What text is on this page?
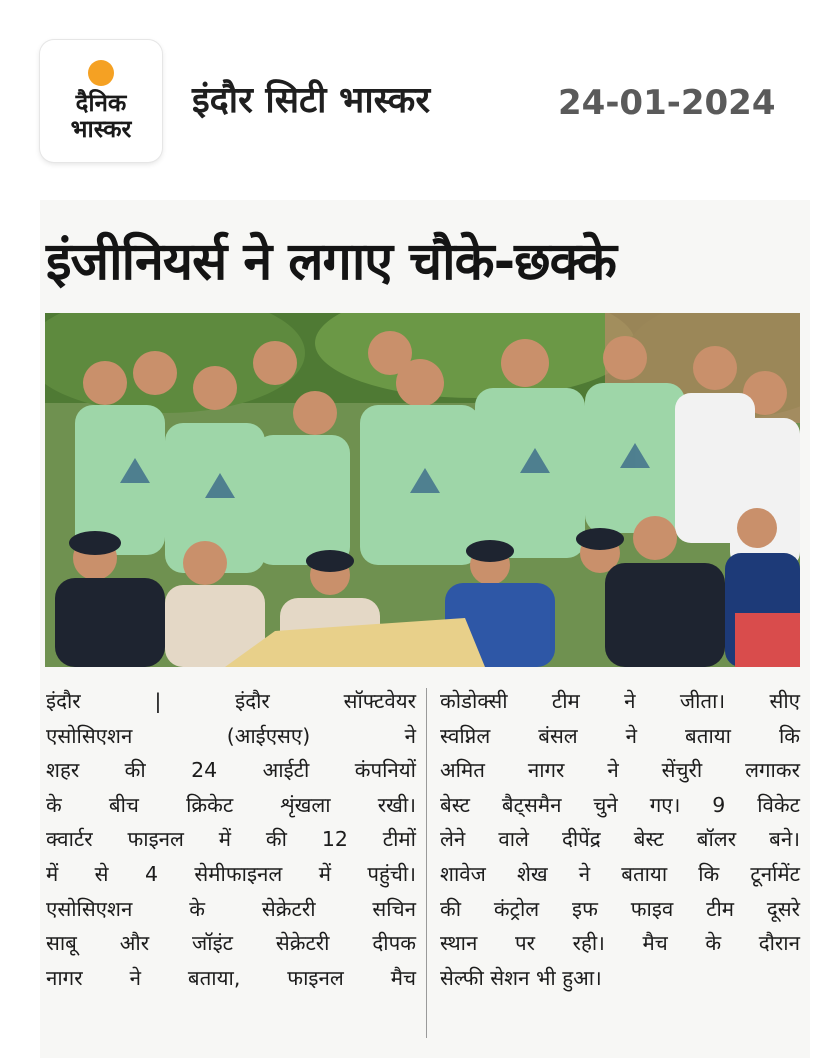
दैनिक
भास्कर
इंदौर सिटी भास्कर	24-01-2024
इंजीनियर्स ने लगाए चौके-छक्के
इंदौर | इंदौर सॉफ्टवेयर
एसोसिएशन (आईएसए) ने
शहर की 24 आईटी कंपनियों
के बीच क्रिकेट शृंखला रखी।
क्वार्टर फाइनल में की 12 टीमों
में से 4 सेमीफाइनल में पहुंची।
एसोसिएशन के सेक्रेटरी सचिन
साबू और जॉइंट सेक्रेटरी दीपक
नागर ने बताया, फाइनल मैच
कोडोक्सी टीम ने जीता। सीए
स्वप्निल बंसल ने बताया कि
अमित नागर ने सेंचुरी लगाकर
बेस्ट बैट्समैन चुने गए। 9 विकेट
लेने वाले दीपेंद्र बेस्ट बॉलर बने।
शावेज शेख ने बताया कि टूर्नामेंट
की कंट्रोल इफ फाइव टीम दूसरे
स्थान पर रही। मैच के दौरान
सेल्फी सेशन भी हुआ।
